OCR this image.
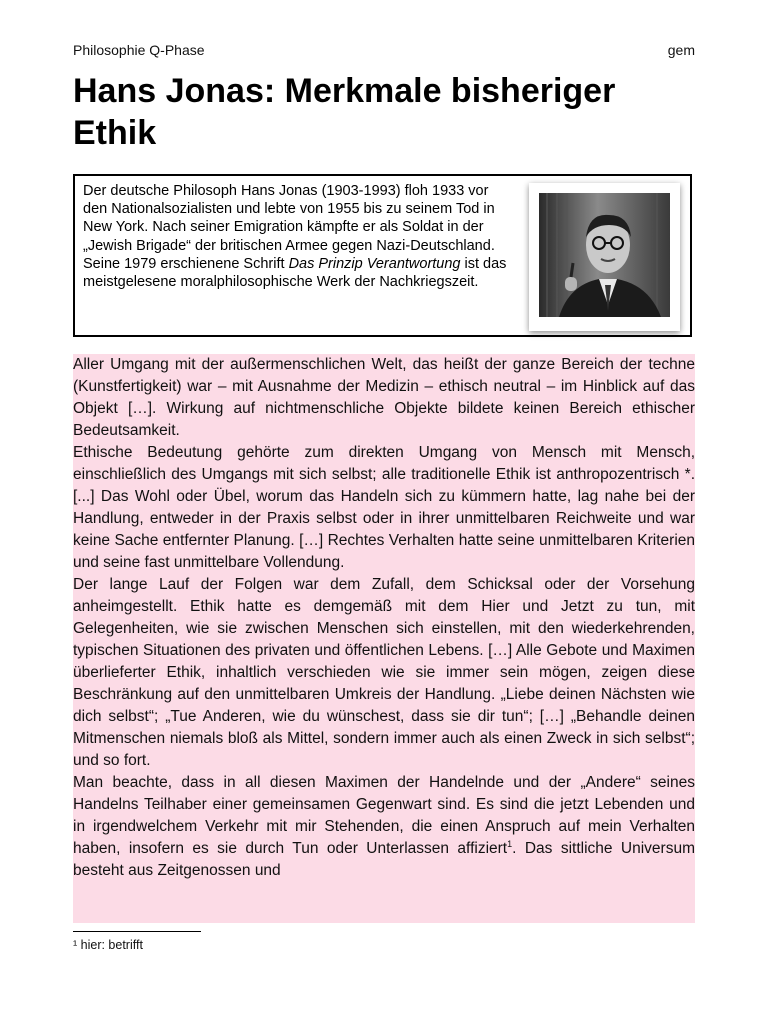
Philosophie Q-Phase	gem
Hans Jonas: Merkmale bisheriger Ethik
Der deutsche Philosoph Hans Jonas (1903-1993) floh 1933 vor den Nationalsozialisten und lebte von 1955 bis zu seinem Tod in New York. Nach seiner Emigration kämpfte er als Soldat in der „Jewish Brigade“ der britischen Armee gegen Nazi-Deutschland. Seine 1979 erschienene Schrift Das Prinzip Verantwortung ist das meistgelesene moralphilosophische Werk der Nachkriegszeit.

Aller Umgang mit der außermenschlichen Welt, das heißt der ganze Bereich der techne (Kunstfertigkeit) war – mit Ausnahme der Medizin – ethisch neutral – im Hinblick auf das Objekt […]. Wirkung auf nichtmenschliche Objekte bildete keinen Bereich ethischer Bedeutsamkeit.

Ethische Bedeutung gehörte zum direkten Umgang von Mensch mit Mensch, einschließlich des Umgangs mit sich selbst; alle traditionelle Ethik ist anthropozentrisch *. [...] Das Wohl oder Übel, worum das Handeln sich zu kümmern hatte, lag nahe bei der Handlung, entweder in der Praxis selbst oder in ihrer unmittelbaren Reichweite und war keine Sache entfernter Planung. […] Rechtes Verhalten hatte seine unmittelbaren Kriterien und seine fast unmittelbare Vollendung.

Der lange Lauf der Folgen war dem Zufall, dem Schicksal oder der Vorsehung anheimgestellt. Ethik hatte es demgemäß mit dem Hier und Jetzt zu tun, mit Gelegenheiten, wie sie zwischen Menschen sich einstellen, mit den wiederkehrenden, typischen Situationen des privaten und öffentlichen Lebens. […] Alle Gebote und Maximen überlieferter Ethik, inhaltlich verschieden wie sie immer sein mögen, zeigen diese Beschränkung auf den unmittelbaren Umkreis der Handlung. „Liebe deinen Nächsten wie dich selbst“; „Tue Anderen, wie du wünschest, dass sie dir tun“; […] „Behandle deinen Mitmenschen niemals bloß als Mittel, sondern immer auch als einen Zweck in sich selbst“; und so fort.

Man beachte, dass in all diesen Maximen der Handelnde und der „Andere“ seines Handelns Teilhaber einer gemeinsamen Gegenwart sind. Es sind die jetzt Lebenden und in irgendwelchem Verkehr mit mir Stehenden, die einen Anspruch auf mein Verhalten haben, insofern es sie durch Tun oder Unterlassen affiziert$^1$. Das sittliche Universum besteht aus Zeitgenossen und

¹ hier: betrifft
